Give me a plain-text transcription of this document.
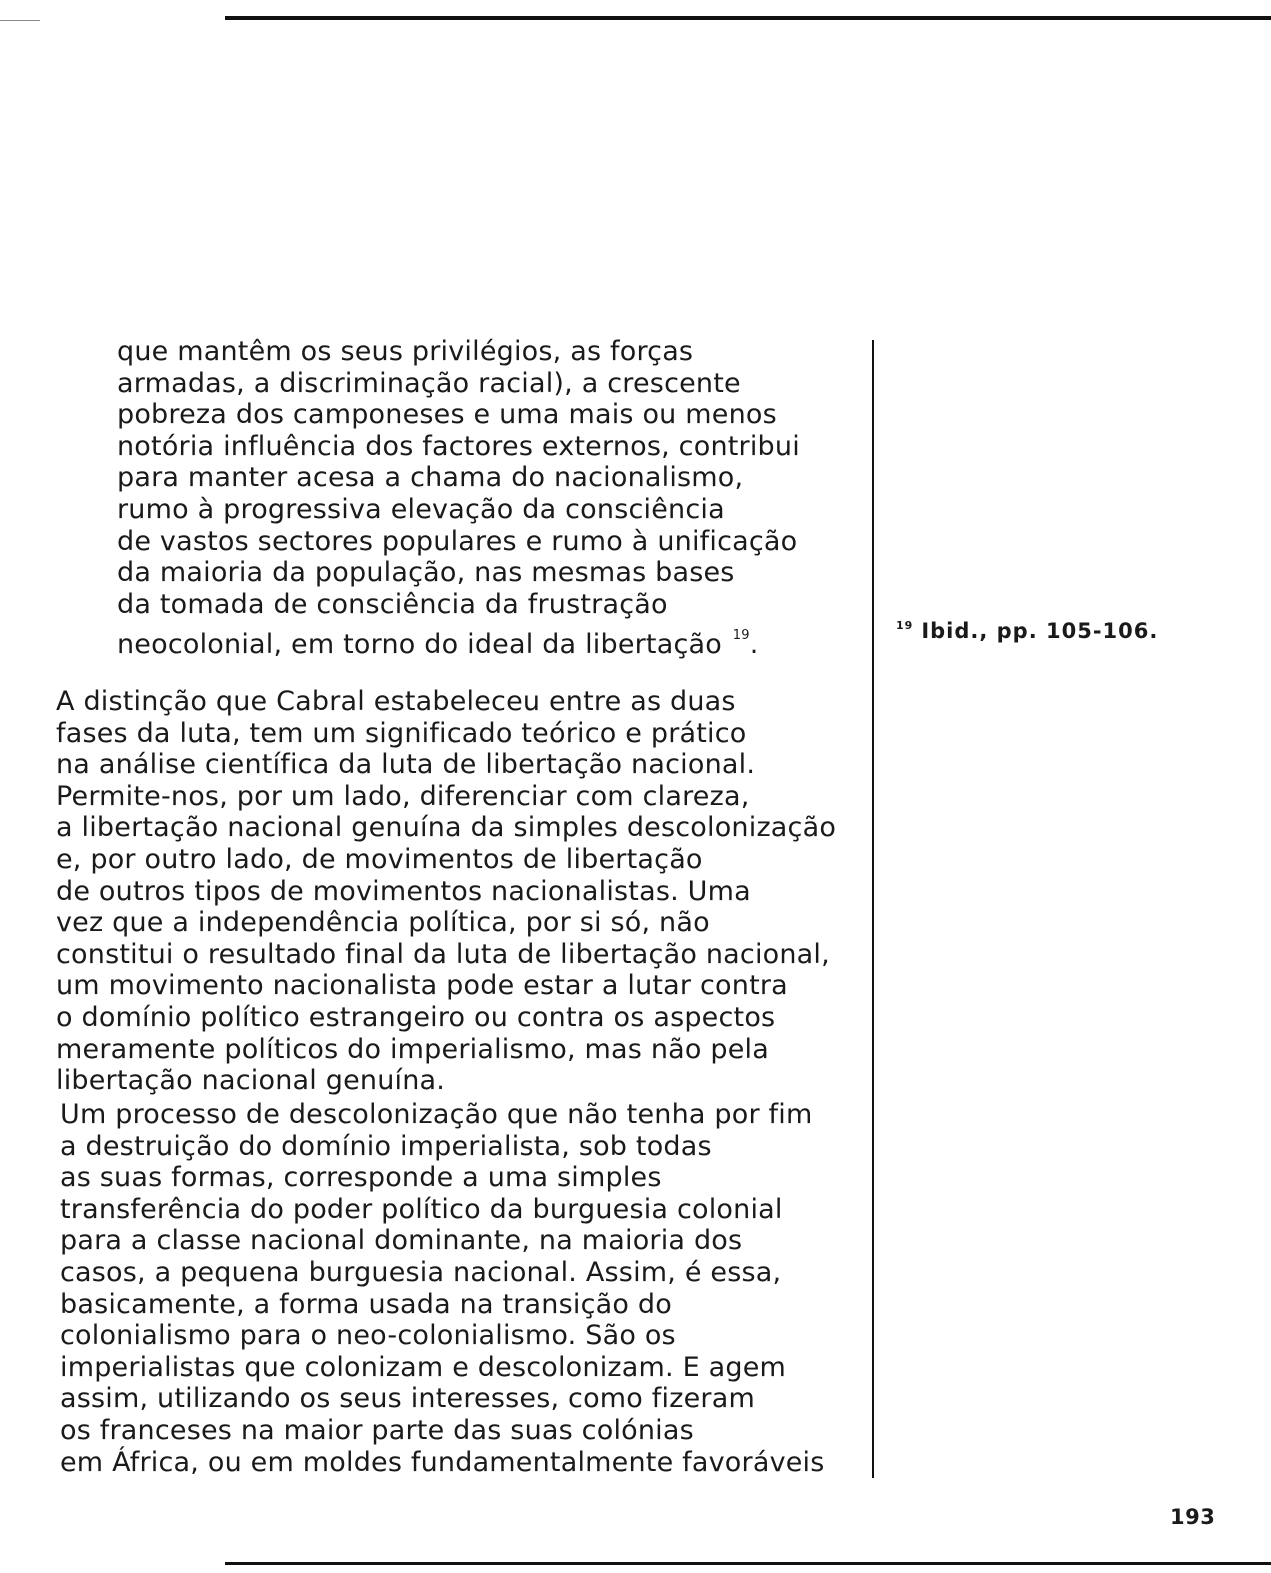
que mantêm os seus privilégios, as forças
armadas, a discriminação racial), a crescente
pobreza dos camponeses e uma mais ou menos
notória influência dos factores externos, contribui
para manter acesa a chama do nacionalismo,
rumo à progressiva elevação da consciência
de vastos sectores populares e rumo à unificação
da maioria da população, nas mesmas bases
da tomada de consciência da frustração
neocolonial, em torno do ideal da libertação $^{19}$.
A distinção que Cabral estabeleceu entre as duas
fases da luta, tem um significado teórico e prático
na análise científica da luta de libertação nacional.
Permite-nos, por um lado, diferenciar com clareza,
a libertação nacional genuína da simples descolonização
e, por outro lado, de movimentos de libertação
de outros tipos de movimentos nacionalistas. Uma
vez que a independência política, por si só, não
constitui o resultado final da luta de libertação nacional,
um movimento nacionalista pode estar a lutar contra
o domínio político estrangeiro ou contra os aspectos
meramente políticos do imperialismo, mas não pela
libertação nacional genuína.
Um processo de descolonização que não tenha por fim
a destruição do domínio imperialista, sob todas
as suas formas, corresponde a uma simples
transferência do poder político da burguesia colonial
para a classe nacional dominante, na maioria dos
casos, a pequena burguesia nacional. Assim, é essa,
basicamente, a forma usada na transição do
colonialismo para o neo-colonialismo. São os
imperialistas que colonizam e descolonizam. E agem
assim, utilizando os seus interesses, como fizeram
os franceses na maior parte das suas colónias
em África, ou em moldes fundamentalmente favoráveis
$^{19}$ Ibid., pp. 105-106.
193
